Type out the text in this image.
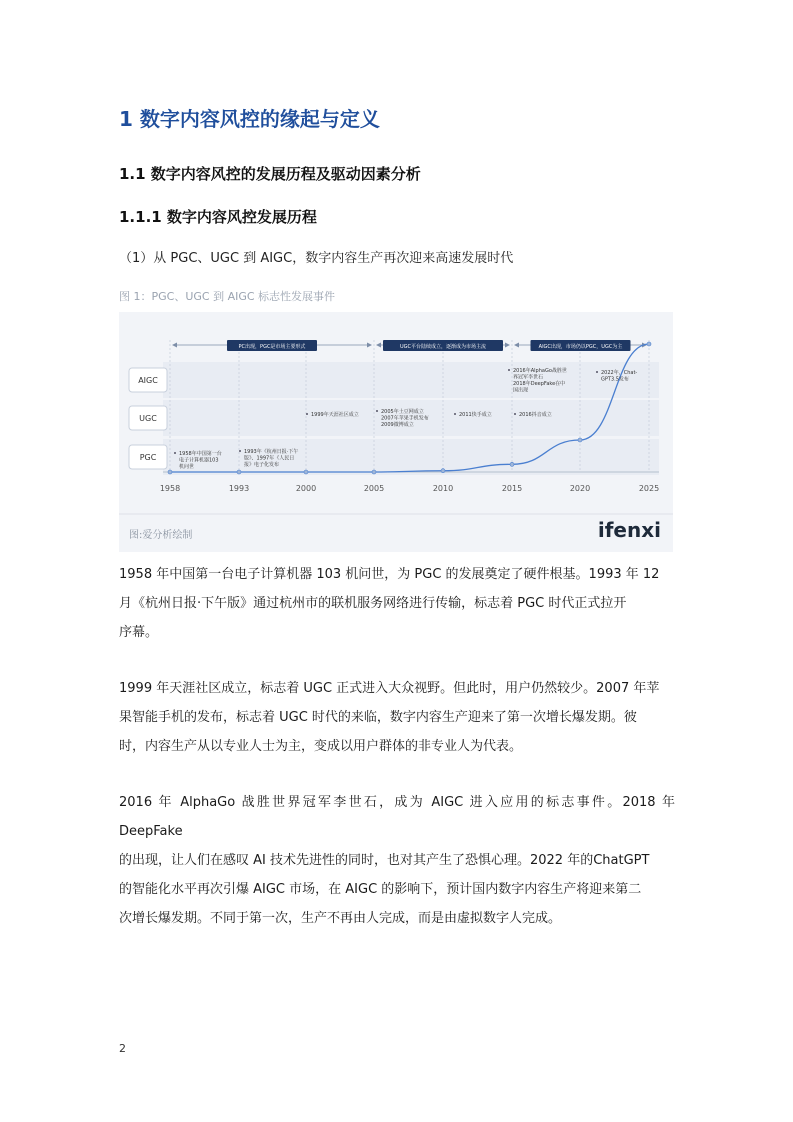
1 数字内容风控的缘起与定义
1.1 数字内容风控的发展历程及驱动因素分析
1.1.1 数字内容风控发展历程
（1）从 PGC、UGC 到 AIGC，数字内容生产再次迎来高速发展时代
图 1：PGC、UGC 到 AIGC 标志性发展事件
AIGC
UGC
PGC
PC出现，PGC是市场主要形式	UGC平台陆续成立，逐渐成为市场主流	AIGC出现，市场仍以PGC，UGC为主
1958	1993	2000	2005	2010	2015	2020	2025
1958年中国第一台
电子计算机器103
机问世
1993年《杭州日报·下午
版》、1997年《人民日
报》电子化发布
1999年天涯社区成立	2005年土豆网成立
2007年苹果手机发布
2009微博成立
2011快手成立	2016抖音成立
2016年AlphaGo战胜世
界冠军李世石
2018年DeepFake在中
国出现
2022年，Chat-
GPT3.5发布
图:爱分析绘制	ifenxi
1958 年中国第一台电子计算机器 103 机问世，为 PGC 的发展奠定了硬件根基。1993 年 12
月《杭州日报·下午版》通过杭州市的联机服务网络进行传输，标志着 PGC 时代正式拉开
序幕。
1999 年天涯社区成立，标志着 UGC 正式进入大众视野。但此时，用户仍然较少。2007 年苹
果智能手机的发布，标志着 UGC 时代的来临，数字内容生产迎来了第一次增长爆发期。彼
时，内容生产从以专业人士为主，变成以用户群体的非专业人为代表。
2016 年 AlphaGo 战胜世界冠军李世石，成为 AIGC 进入应用的标志事件。2018 年 DeepFake
的出现，让人们在感叹 AI 技术先进性的同时，也对其产生了恐惧心理。2022 年的ChatGPT
的智能化水平再次引爆 AIGC 市场，在 AIGC 的影响下，预计国内数字内容生产将迎来第二
次增长爆发期。不同于第一次，生产不再由人完成，而是由虚拟数字人完成。
2
